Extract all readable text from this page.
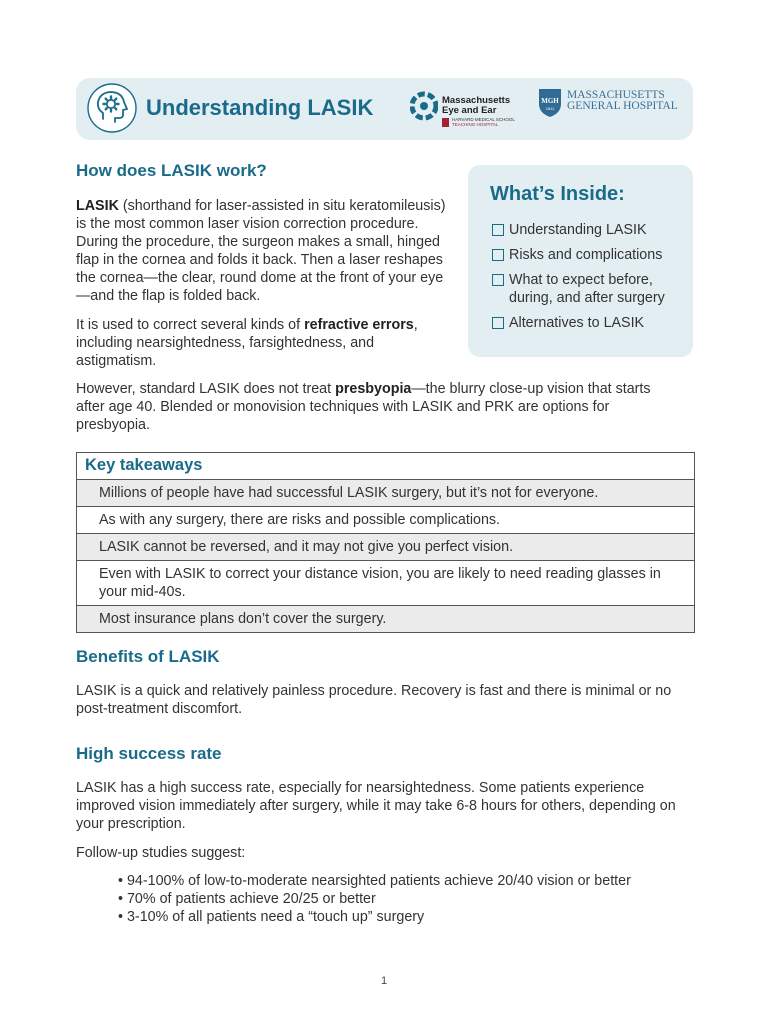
Understanding LASIK	Massachusetts
Eye and Ear
HARVARD MEDICAL SCHOOL
TEACHING HOSPITAL
MGH
1811
MASSACHUSETTS
GENERAL HOSPITAL
How does LASIK work?
LASIK (shorthand for laser-assisted in situ keratomileusis) is the most common laser vision correction procedure. During the procedure, the surgeon makes a small, hinged flap in the cornea and folds it back. Then a laser reshapes the cornea—the clear, round dome at the front of your eye—and the flap is folded back.
It is used to correct several kinds of refractive errors, including nearsightedness, farsightedness, and astigmatism.
However, standard LASIK does not treat presbyopia—the blurry close-up vision that starts after age 40. Blended or monovision techniques with LASIK and PRK are options for presbyopia.
What’s Inside:
Understanding LASIK
Risks and complications
What to expect before, during, and after surgery
Alternatives to LASIK
Key takeaways
Millions of people have had successful LASIK surgery, but it’s not for everyone.
As with any surgery, there are risks and possible complications.
LASIK cannot be reversed, and it may not give you perfect vision.
Even with LASIK to correct your distance vision, you are likely to need reading glasses in your mid-40s.
Most insurance plans don’t cover the surgery.
Benefits of LASIK
LASIK is a quick and relatively painless procedure. Recovery is fast and there is minimal or no post-treatment discomfort.
High success rate
LASIK has a high success rate, especially for nearsightedness. Some patients experience improved vision immediately after surgery, while it may take 6-8 hours for others, depending on your prescription.
Follow-up studies suggest:
• 94-100% of low-to-moderate nearsighted patients achieve 20/40 vision or better
• 70% of patients achieve 20/25 or better
• 3-10% of all patients need a “touch up” surgery
1
